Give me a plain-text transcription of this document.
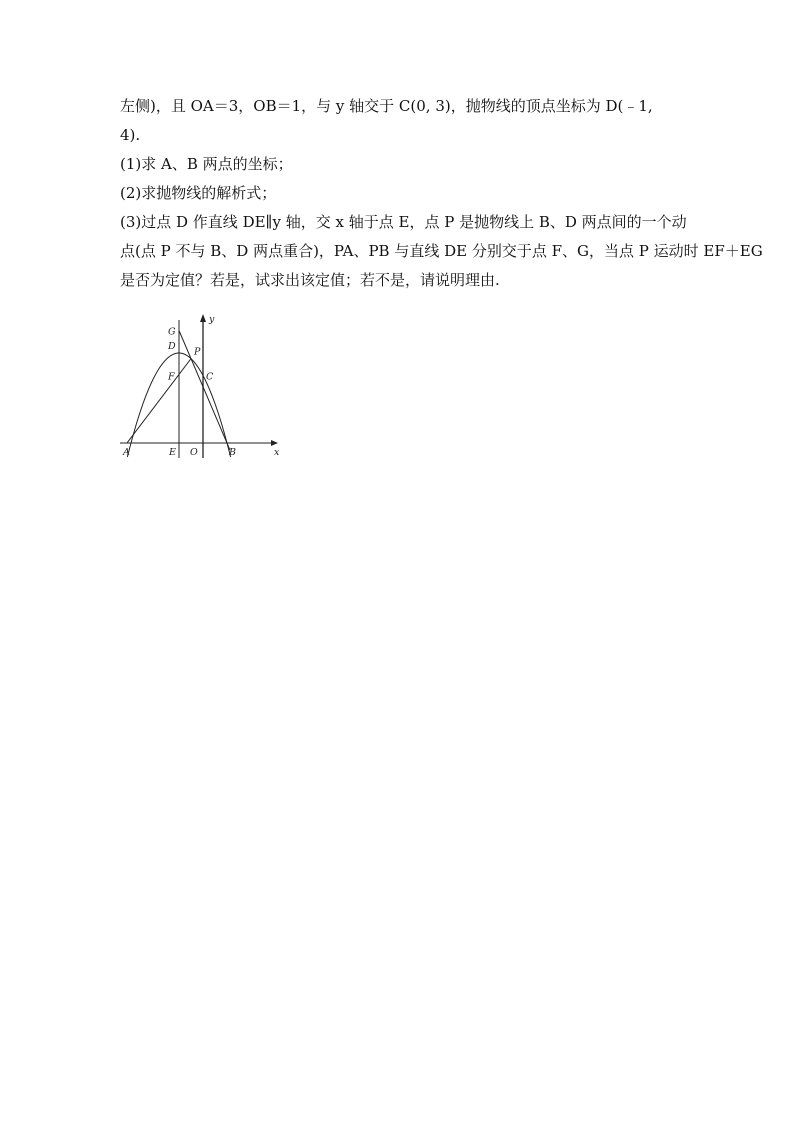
左侧)，且 OA＝3，OB＝1，与 y 轴交于 C(0, 3)，抛物线的顶点坐标为 D(﹣1,
4).
(1)求 A、B 两点的坐标；
(2)求抛物线的解析式；
(3)过点 D 作直线 DE∥y 轴，交 x 轴于点 E，点 P 是抛物线上 B、D 两点间的一个动
点(点 P 不与 B、D 两点重合)，PA、PB 与直线 DE 分别交于点 F、G，当点 P 运动时 EF＋EG
是否为定值？若是，试求出该定值；若不是，请说明理由.
A	B
C
D
E
F
G
O
P
x
y
